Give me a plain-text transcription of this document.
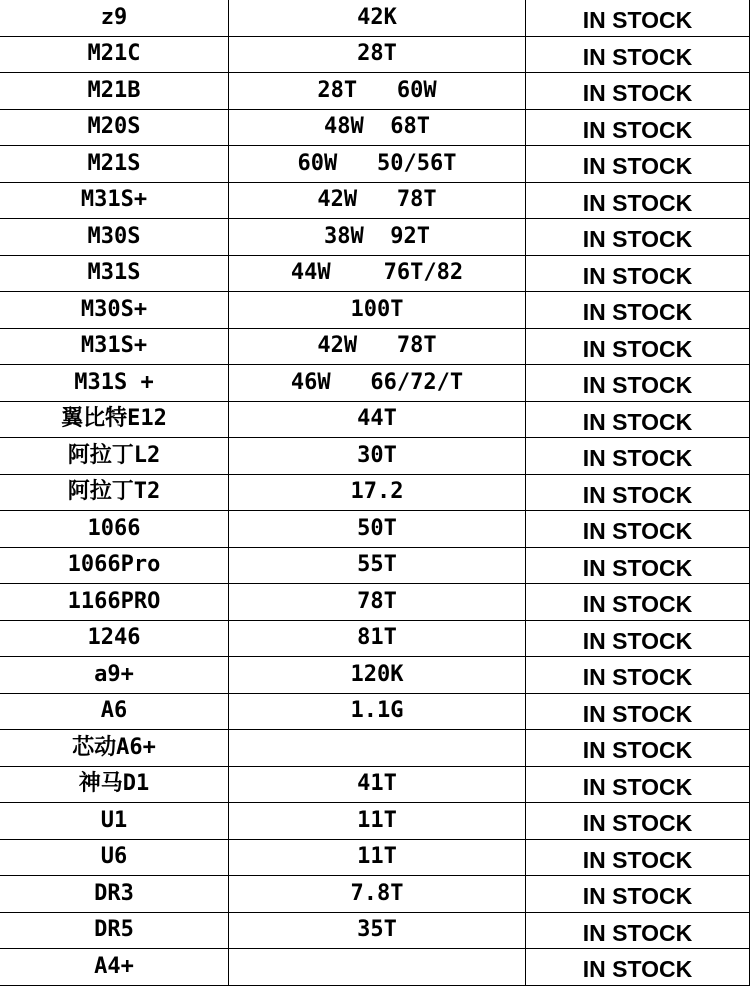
z9	42K	IN STOCK
M21C	28T	IN STOCK
M21B	28T   60W	IN STOCK
M20S	48W  68T	IN STOCK
M21S	60W   50/56T	IN STOCK
M31S+	42W   78T	IN STOCK
M30S	38W  92T	IN STOCK
M31S	44W    76T/82	IN STOCK
M30S+	100T	IN STOCK
M31S+	42W   78T	IN STOCK
M31S +	46W   66/72/T	IN STOCK
翼比特E12	44T	IN STOCK
阿拉丁L2	30T	IN STOCK
阿拉丁T2	17.2	IN STOCK
1066	50T	IN STOCK
1066Pro	55T	IN STOCK
1166PRO	78T	IN STOCK
1246	81T	IN STOCK
a9+	120K	IN STOCK
A6	1.1G	IN STOCK
芯动A6+		IN STOCK
神马D1	41T	IN STOCK
U1	11T	IN STOCK
U6	11T	IN STOCK
DR3	7.8T	IN STOCK
DR5	35T	IN STOCK
A4+		IN STOCK
